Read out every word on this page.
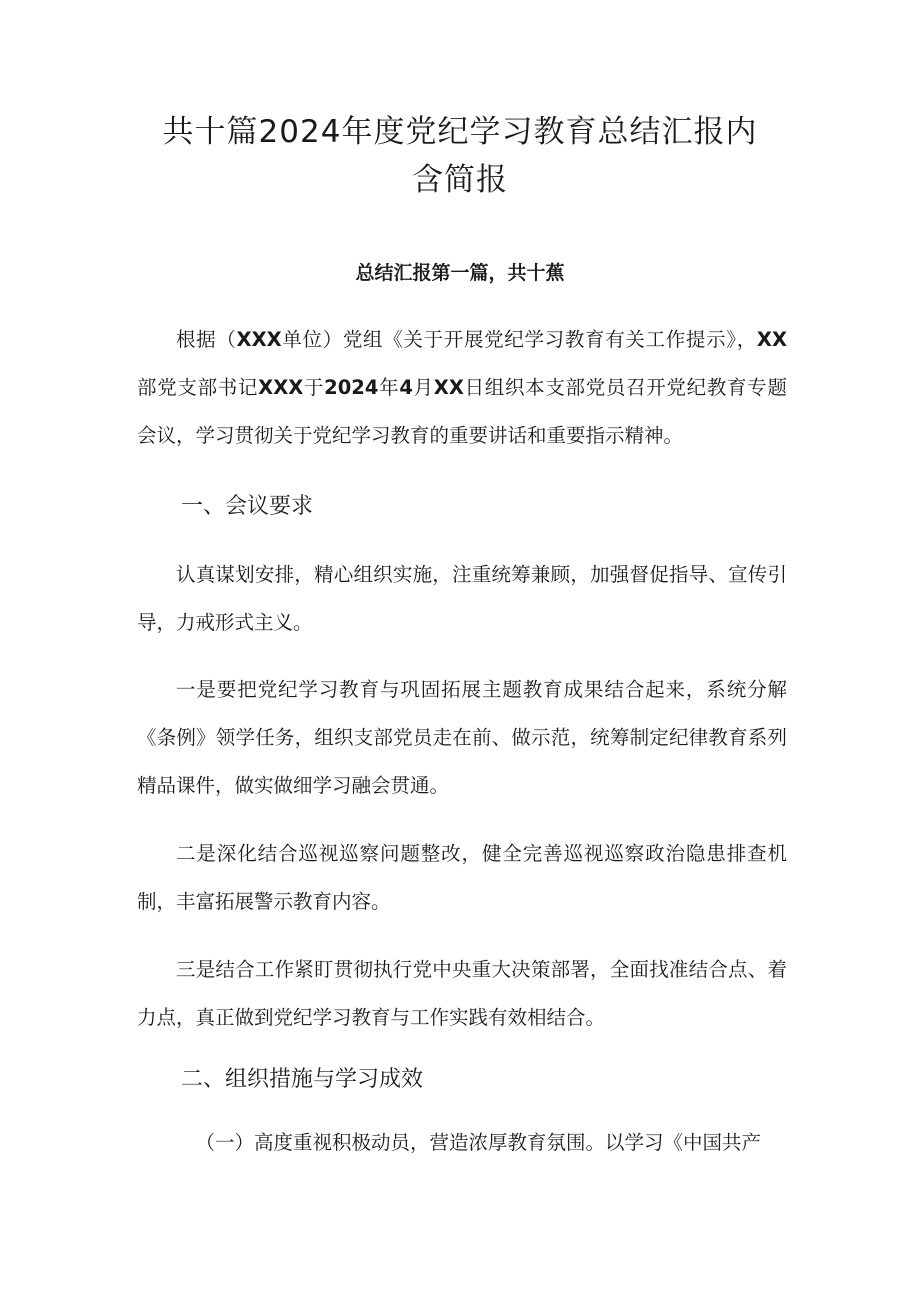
共十篇2024年度党纪学习教育总结汇报内
含简报
总结汇报第一篇，共十蕉

根据（XXX单位）党组《关于开展党纪学习教育有关工作提示》，XX部党支部书记XXX于2024年4月XX日组织本支部党员召开党纪教育专题会议，学习贯彻关于党纪学习教育的重要讲话和重要指示精神。

一、会议要求

认真谋划安排，精心组织实施，注重统筹兼顾，加强督促指导、宣传引导，力戒形式主义。

一是要把党纪学习教育与巩固拓展主题教育成果结合起来，系统分解《条例》领学任务，组织支部党员走在前、做示范，统筹制定纪律教育系列精品课件，做实做细学习融会贯通。

二是深化结合巡视巡察问题整改，健全完善巡视巡察政治隐患排查机制，丰富拓展警示教育内容。

三是结合工作紧盯贯彻执行党中央重大决策部署，全面找准结合点、着力点，真正做到党纪学习教育与工作实践有效相结合。

二、组织措施与学习成效

（一）高度重视积极动员，营造浓厚教育氛围。以学习《中国共产
